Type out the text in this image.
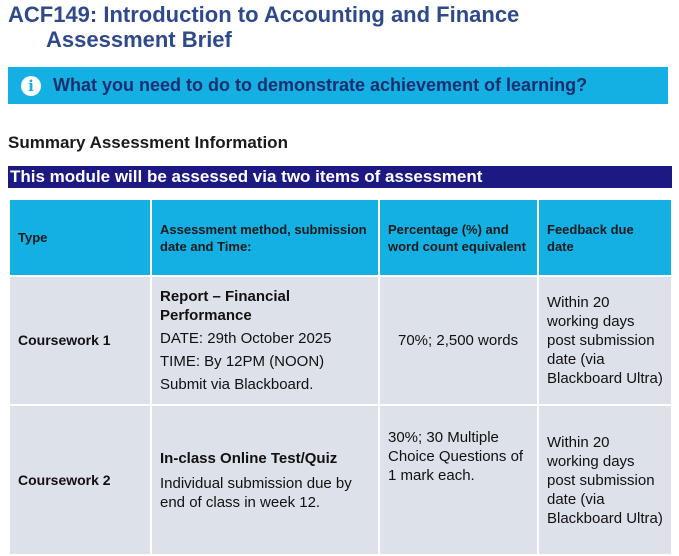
ACF149: Introduction to Accounting and Finance
Assessment Brief
i	What you need to do to demonstrate achievement of learning?
Summary Assessment Information
This module will be assessed via two items of assessment
Type	Assessment method, submission date and Time:	Percentage (%) and word count equivalent	Feedback due date
Coursework 1	Report – Financial Performance

DATE: 29th October 2025

TIME: By 12PM (NOON)

Submit via Blackboard.	70%; 2,500 words	Within 20 working days post submission date (via Blackboard Ultra)
Coursework 2	In-class Online Test/Quiz

Individual submission due by end of class in week 12.	30%; 30 Multiple Choice Questions of 1 mark each.	Within 20 working days post submission date (via Blackboard Ultra)
